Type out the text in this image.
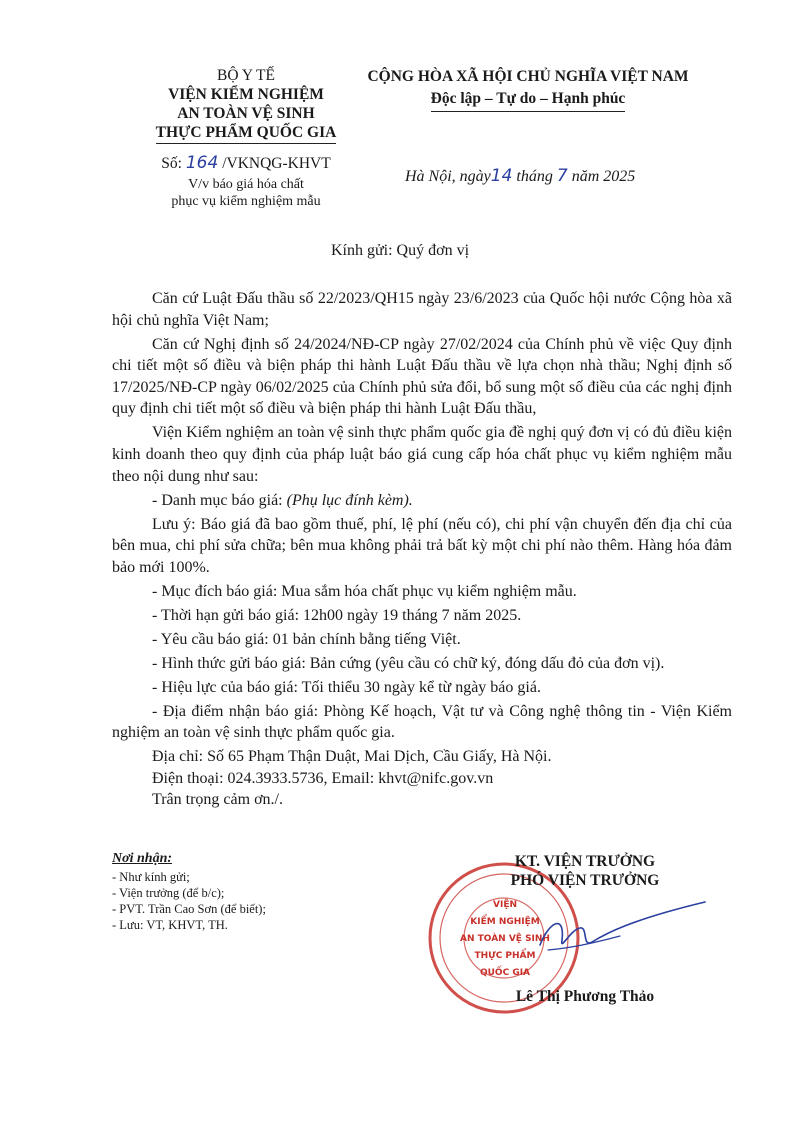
BỘ Y TẾ
VIỆN KIỂM NGHIỆM
AN TOÀN VỆ SINH
THỰC PHẨM QUỐC GIA
Số: 164 /VKNQG-KHVT
V/v báo giá hóa chất
phục vụ kiểm nghiệm mẫu
CỘNG HÒA XÃ HỘI CHỦ NGHĨA VIỆT NAM
Độc lập – Tự do – Hạnh phúc
Hà Nội, ngày14 tháng 7 năm 2025
Kính gửi: Quý đơn vị

Căn cứ Luật Đấu thầu số 22/2023/QH15 ngày 23/6/2023 của Quốc hội nước Cộng hòa xã hội chủ nghĩa Việt Nam;

Căn cứ Nghị định số 24/2024/NĐ-CP ngày 27/02/2024 của Chính phủ về việc Quy định chi tiết một số điều và biện pháp thi hành Luật Đấu thầu về lựa chọn nhà thầu; Nghị định số 17/2025/NĐ-CP ngày 06/02/2025 của Chính phủ sửa đổi, bổ sung một số điều của các nghị định quy định chi tiết một số điều và biện pháp thi hành Luật Đấu thầu,

Viện Kiểm nghiệm an toàn vệ sinh thực phẩm quốc gia đề nghị quý đơn vị có đủ điều kiện kinh doanh theo quy định của pháp luật báo giá cung cấp hóa chất phục vụ kiểm nghiệm mẫu theo nội dung như sau:

- Danh mục báo giá: (Phụ lục đính kèm).

Lưu ý: Báo giá đã bao gồm thuế, phí, lệ phí (nếu có), chi phí vận chuyển đến địa chỉ của bên mua, chi phí sửa chữa; bên mua không phải trả bất kỳ một chi phí nào thêm. Hàng hóa đảm bảo mới 100%.

- Mục đích báo giá: Mua sắm hóa chất phục vụ kiểm nghiệm mẫu.

- Thời hạn gửi báo giá: 12h00 ngày 19 tháng 7 năm 2025.

- Yêu cầu báo giá: 01 bản chính bằng tiếng Việt.

- Hình thức gửi báo giá: Bản cứng (yêu cầu có chữ ký, đóng dấu đỏ của đơn vị).

- Hiệu lực của báo giá: Tối thiểu 30 ngày kể từ ngày báo giá.

- Địa điểm nhận báo giá: Phòng Kế hoạch, Vật tư và Công nghệ thông tin - Viện Kiểm nghiệm an toàn vệ sinh thực phẩm quốc gia.

Địa chỉ: Số 65 Phạm Thận Duật, Mai Dịch, Cầu Giấy, Hà Nội.

Điện thoại: 024.3933.5736, Email: khvt@nifc.gov.vn

Trân trọng cảm ơn./.

Nơi nhận:
- Như kính gửi;
- Viện trưởng (để b/c);
- PVT. Trần Cao Sơn (để biết);
- Lưu: VT, KHVT, TH.
VIỆN
KIỂM NGHIỆM
AN TOÀN VỆ SINH
THỰC PHẨM
QUỐC GIA
KT. VIỆN TRƯỞNG
PHÓ VIỆN TRƯỞNG
Lê Thị Phương Thảo
